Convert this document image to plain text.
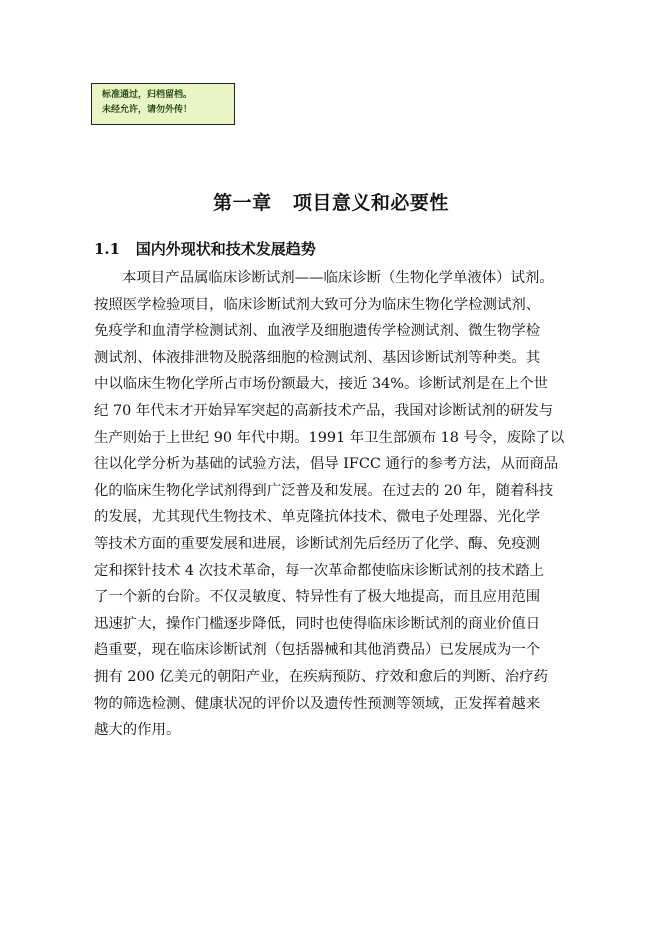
标准通过，归档留档。
未经允许，请勿外传！
第一章   项目意义和必要性
1.1 国内外现状和技术发展趋势
本项目产品属临床诊断试剂——临床诊断（生物化学单液体）试剂。
按照医学检验项目，临床诊断试剂大致可分为临床生物化学检测试剂、
免疫学和血清学检测试剂、血液学及细胞遗传学检测试剂、微生物学检
测试剂、体液排泄物及脱落细胞的检测试剂、基因诊断试剂等种类。其
中以临床生物化学所占市场份额最大，接近 34%。诊断试剂是在上个世
纪 70 年代末才开始异军突起的高新技术产品，我国对诊断试剂的研发与
生产则始于上世纪 90 年代中期。1991 年卫生部颁布 18 号令，废除了以
往以化学分析为基础的试验方法，倡导 IFCC 通行的参考方法，从而商品
化的临床生物化学试剂得到广泛普及和发展。在过去的 20 年，随着科技
的发展，尤其现代生物技术、单克隆抗体技术、微电子处理器、光化学
等技术方面的重要发展和进展，诊断试剂先后经历了化学、酶、免疫测
定和探针技术 4 次技术革命，每一次革命都使临床诊断试剂的技术踏上
了一个新的台阶。不仅灵敏度、特异性有了极大地提高，而且应用范围
迅速扩大，操作门槛逐步降低，同时也使得临床诊断试剂的商业价值日
趋重要，现在临床诊断试剂（包括器械和其他消费品）已发展成为一个
拥有 200 亿美元的朝阳产业，在疾病预防、疗效和愈后的判断、治疗药
物的筛选检测、健康状况的评价以及遗传性预测等领域，正发挥着越来
越大的作用。
